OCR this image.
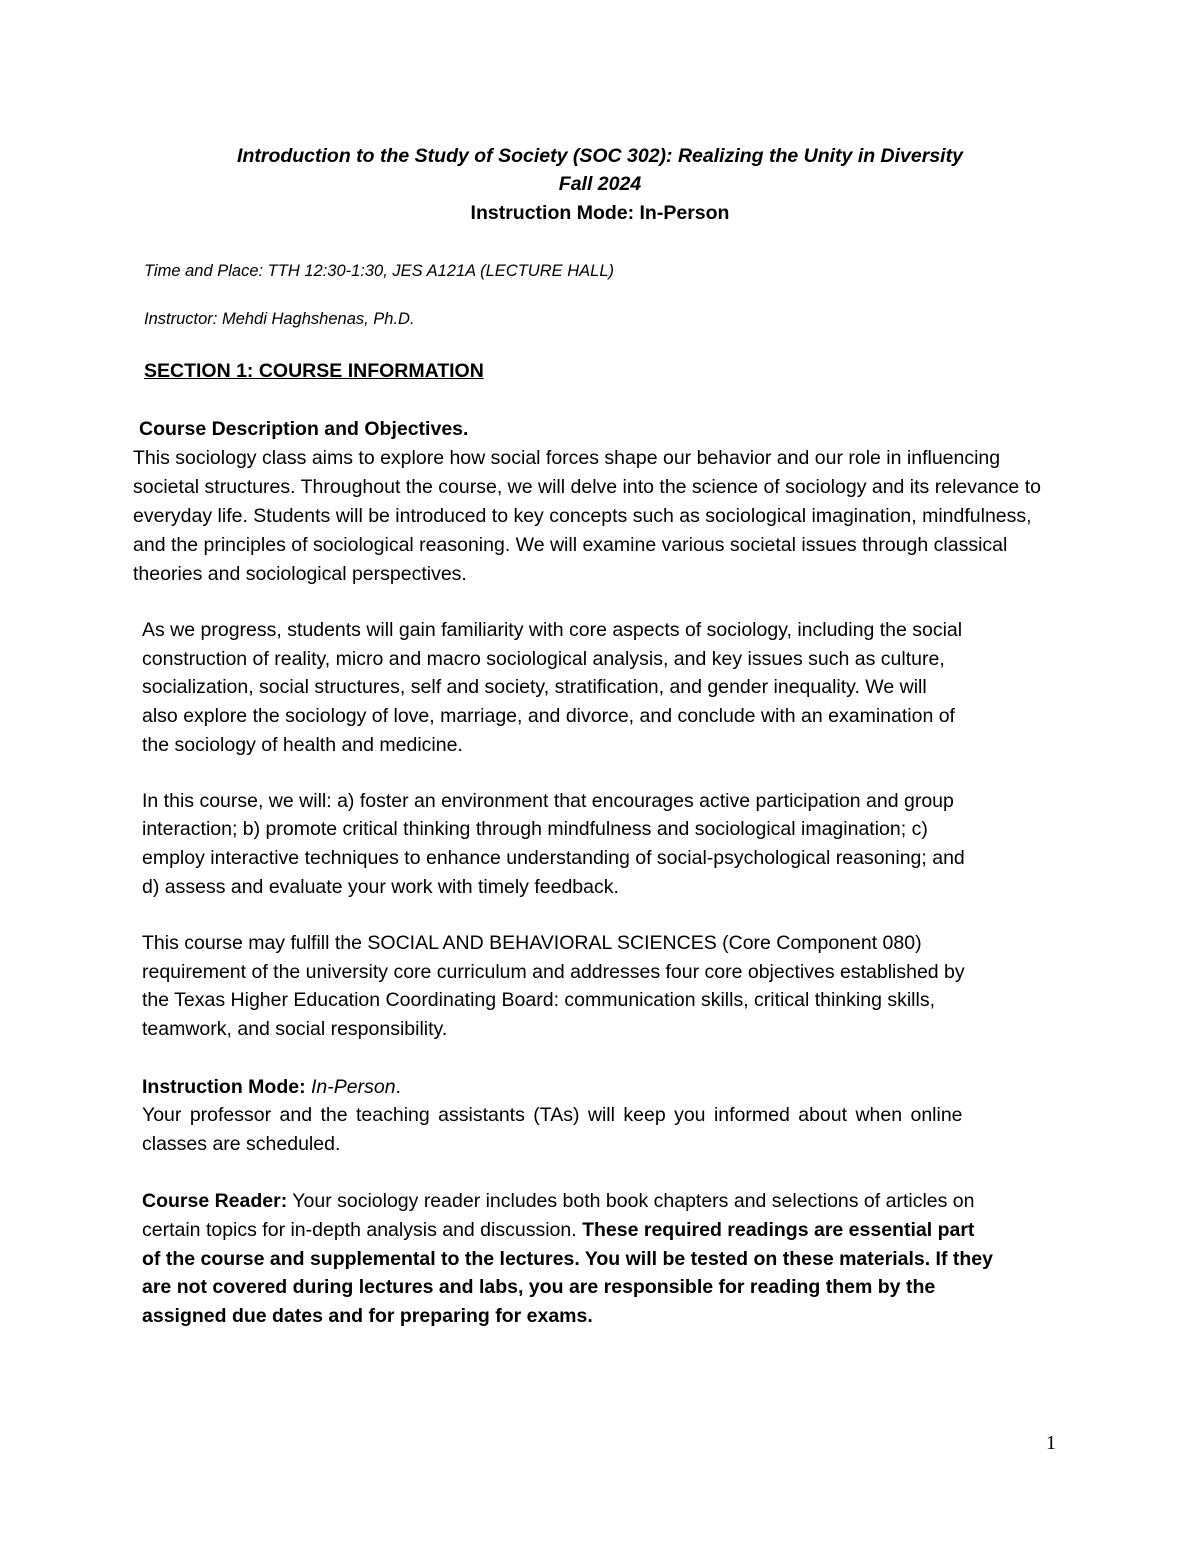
Introduction to the Study of Society (SOC 302): Realizing the Unity in Diversity
Fall 2024
Instruction Mode: In-Person
Time and Place: TTH 12:30-1:30, JES A121A (LECTURE HALL)
Instructor: Mehdi Haghshenas, Ph.D.
SECTION 1: COURSE INFORMATION
Course Description and Objectives.
This sociology class aims to explore how social forces shape our behavior and our role in influencing
societal structures. Throughout the course, we will delve into the science of sociology and its relevance to
everyday life. Students will be introduced to key concepts such as sociological imagination, mindfulness,
and the principles of sociological reasoning. We will examine various societal issues through classical
theories and sociological perspectives.
As we progress, students will gain familiarity with core aspects of sociology, including the social
construction of reality, micro and macro sociological analysis, and key issues such as culture,
socialization, social structures, self and society, stratification, and gender inequality. We will
also explore the sociology of love, marriage, and divorce, and conclude with an examination of
the sociology of health and medicine.
In this course, we will: a) foster an environment that encourages active participation and group
interaction; b) promote critical thinking through mindfulness and sociological imagination; c)
employ interactive techniques to enhance understanding of social-psychological reasoning; and
d) assess and evaluate your work with timely feedback.
This course may fulfill the SOCIAL AND BEHAVIORAL SCIENCES (Core Component 080)
requirement of the university core curriculum and addresses four core objectives established by
the Texas Higher Education Coordinating Board: communication skills, critical thinking skills,
teamwork, and social responsibility.
Instruction Mode: In-Person.
Your professor and the teaching assistants (TAs) will keep you informed about when online
classes are scheduled.
Course Reader: Your sociology reader includes both book chapters and selections of articles on
certain topics for in-depth analysis and discussion. These required readings are essential part
of the course and supplemental to the lectures. You will be tested on these materials. If they
are not covered during lectures and labs, you are responsible for reading them by the
assigned due dates and for preparing for exams.
1
